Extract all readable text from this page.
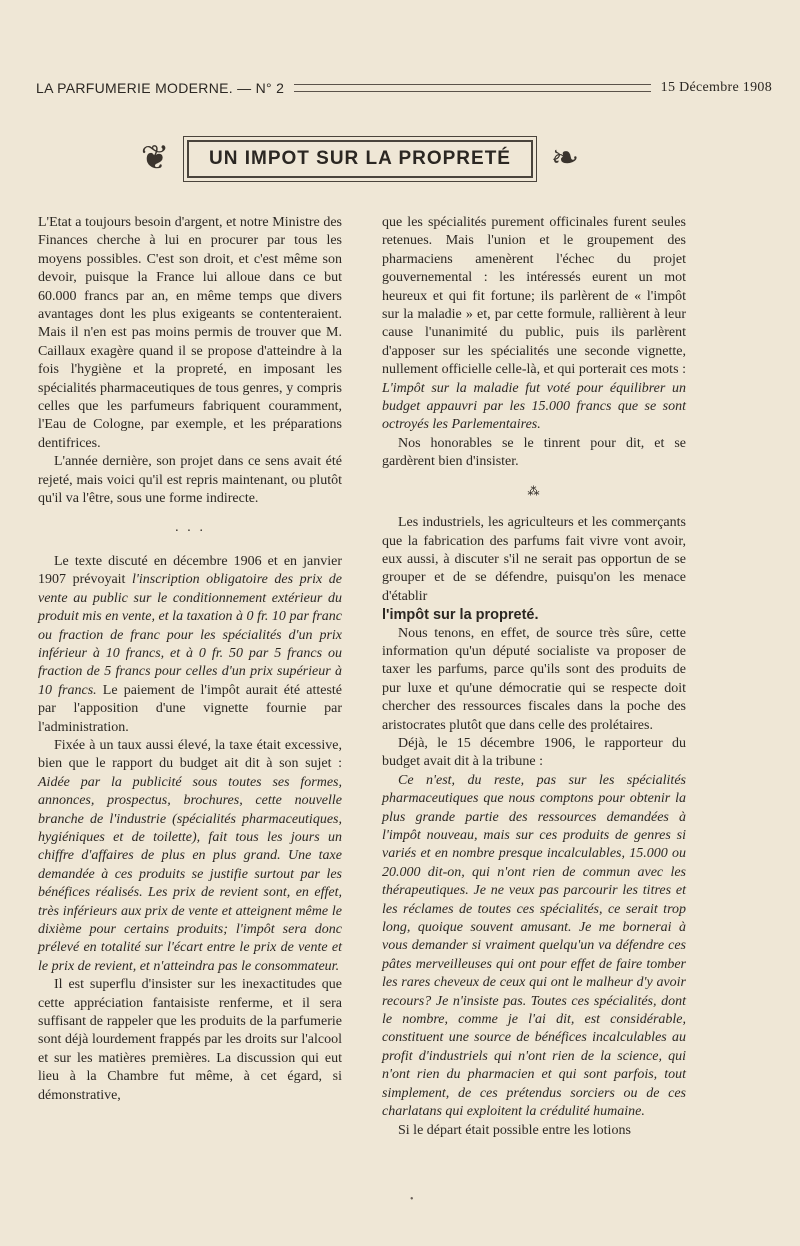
LA PARFUMERIE MODERNE. — N° 2	15 Décembre 1908
❦	UN IMPOT SUR LA PROPRETÉ	❧

L'Etat a toujours besoin d'argent, et notre Ministre des Finances cherche à lui en procurer par tous les moyens possibles. C'est son droit, et c'est même son devoir, puisque la France lui alloue dans ce but 60.000 francs par an, en même temps que divers avantages dont les plus exigeants se contenteraient. Mais il n'en est pas moins permis de trouver que M. Caillaux exagère quand il se propose d'atteindre à la fois l'hygiène et la propreté, en imposant les spécialités pharmaceutiques de tous genres, y compris celles que les parfumeurs fabriquent couramment, l'Eau de Cologne, par exemple, et les préparations dentifrices.

L'année dernière, son projet dans ce sens avait été rejeté, mais voici qu'il est repris maintenant, ou plutôt qu'il va l'être, sous une forme indirecte.

· · ·

Le texte discuté en décembre 1906 et en janvier 1907 prévoyait l'inscription obligatoire des prix de vente au public sur le conditionnement extérieur du produit mis en vente, et la taxation à 0 fr. 10 par franc ou fraction de franc pour les spécialités d'un prix inférieur à 10 francs, et à 0 fr. 50 par 5 francs ou fraction de 5 francs pour celles d'un prix supérieur à 10 francs. Le paiement de l'impôt aurait été attesté par l'apposition d'une vignette fournie par l'administration.

Fixée à un taux aussi élevé, la taxe était excessive, bien que le rapport du budget ait dit à son sujet : Aidée par la publicité sous toutes ses formes, annonces, prospectus, brochures, cette nouvelle branche de l'industrie (spécialités pharmaceutiques, hygiéniques et de toilette), fait tous les jours un chiffre d'affaires de plus en plus grand. Une taxe demandée à ces produits se justifie surtout par les bénéfices réalisés. Les prix de revient sont, en effet, très inférieurs aux prix de vente et atteignent même le dixième pour certains produits; l'impôt sera donc prélevé en totalité sur l'écart entre le prix de vente et le prix de revient, et n'atteindra pas le consommateur.

Il est superflu d'insister sur les inexactitudes que cette appréciation fantaisiste renferme, et il sera suffisant de rappeler que les produits de la parfumerie sont déjà lourdement frappés par les droits sur l'alcool et sur les matières premières. La discussion qui eut lieu à la Chambre fut même, à cet égard, si démonstrative,

que les spécialités purement officinales furent seules retenues. Mais l'union et le groupement des pharmaciens amenèrent l'échec du projet gouvernemental : les intéressés eurent un mot heureux et qui fit fortune; ils parlèrent de « l'impôt sur la maladie » et, par cette formule, rallièrent à leur cause l'unanimité du public, puis ils parlèrent d'apposer sur les spécialités une seconde vignette, nullement officielle celle-là, et qui porterait ces mots : L'impôt sur la maladie fut voté pour équilibrer un budget appauvri par les 15.000 francs que se sont octroyés les Parlementaires.

Nos honorables se le tinrent pour dit, et se gardèrent bien d'insister.

⁂

Les industriels, les agriculteurs et les commerçants que la fabrication des parfums fait vivre vont avoir, eux aussi, à discuter s'il ne serait pas opportun de se grouper et de se défendre, puisqu'on les menace d'établir

l'impôt sur la propreté.

Nous tenons, en effet, de source très sûre, cette information qu'un député socialiste va proposer de taxer les parfums, parce qu'ils sont des produits de pur luxe et qu'une démocratie qui se respecte doit chercher des ressources fiscales dans la poche des aristocrates plutôt que dans celle des prolétaires.

Déjà, le 15 décembre 1906, le rapporteur du budget avait dit à la tribune :

Ce n'est, du reste, pas sur les spécialités pharmaceutiques que nous comptons pour obtenir la plus grande partie des ressources demandées à l'impôt nouveau, mais sur ces produits de genres si variés et en nombre presque incalculables, 15.000 ou 20.000 dit-on, qui n'ont rien de commun avec les thérapeutiques. Je ne veux pas parcourir les titres et les réclames de toutes ces spécialités, ce serait trop long, quoique souvent amusant. Je me bornerai à vous demander si vraiment quelqu'un va défendre ces pâtes merveilleuses qui ont pour effet de faire tomber les rares cheveux de ceux qui ont le malheur d'y avoir recours? Je n'insiste pas. Toutes ces spécialités, dont le nombre, comme je l'ai dit, est considérable, constituent une source de bénéfices incalculables au profit d'industriels qui n'ont rien de la science, qui n'ont rien du pharmacien et qui sont parfois, tout simplement, de ces prétendus sorciers ou de ces charlatans qui exploitent la crédulité humaine.

Si le départ était possible entre les lotions

•
